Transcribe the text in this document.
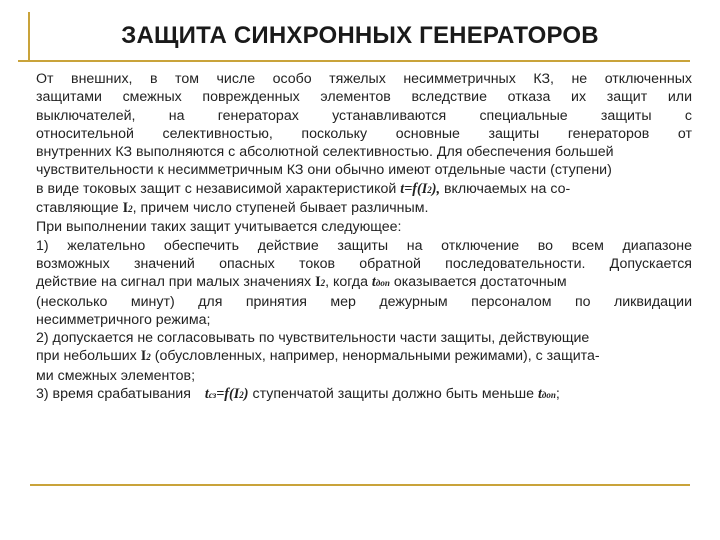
ЗАЩИТА СИНХРОННЫХ ГЕНЕРАТОРОВ
От внешних, в том числе особо тяжелых несимметричных КЗ, не отключенных
защитами смежных поврежденных элементов вследствие отказа их защит или
выключателей, на генераторах устанавливаются специальные защиты с
относительной селективностью, поскольку основные защиты генераторов от
внутренних КЗ выполняются с абсолютной селективностью. Для обеспечения большей
чувствительности к несимметричным КЗ они обычно имеют отдельные части (ступени)
в виде токовых защит с независимой характеристикой t=f(I2), включаемых на со-
ставляющие I2, причем число ступеней бывает различным.
При выполнении таких защит учитывается следующее:
1) желательно обеспечить действие защиты на отключение во всем диапазоне
возможных значений опасных токов обратной последовательности. Допускается
действие на сигнал при малых значениях I2, когда tдоп оказывается достаточным
(несколько минут) для принятия мер дежурным персоналом по ликвидации
несимметричного режима;
2) допускается не согласовывать по чувствительности части защиты, действующие
при небольших I2 (обусловленных, например, ненормальными режимами), с защита-
ми смежных элементов;
3) время срабатывания tсз=f(I2) ступенчатой защиты должно быть меньше tдоп;
